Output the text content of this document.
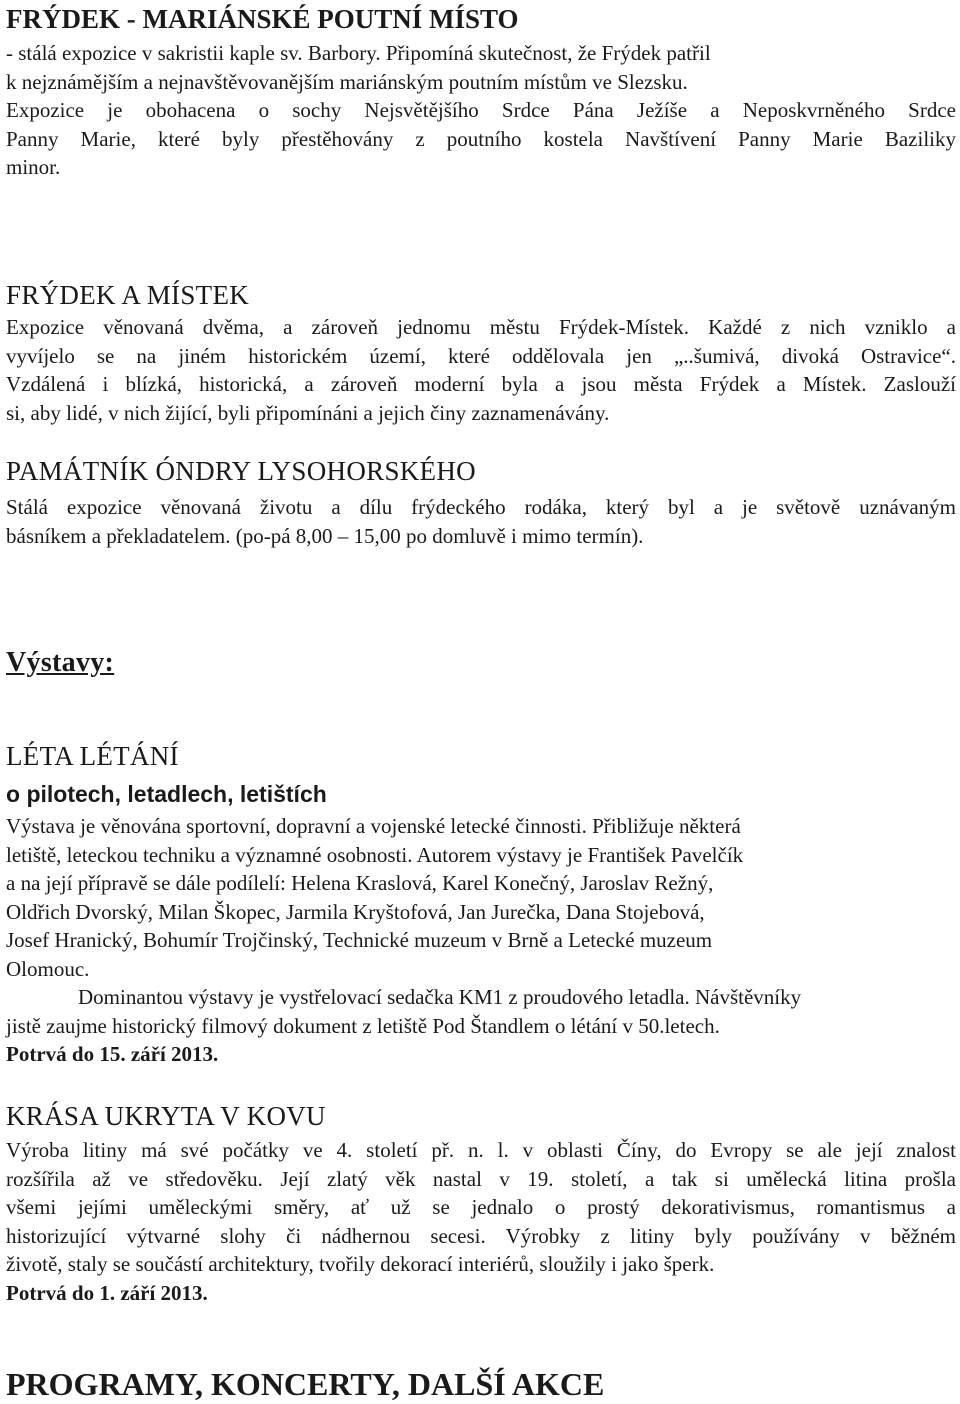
FRÝDEK - MARIÁNSKÉ POUTNÍ MÍSTO
- stálá expozice v sakristii kaple sv. Barbory. Připomíná skutečnost, že Frýdek patřil
k nejznámějším a nejnavštěvovanějším mariánským poutním místům ve Slezsku.
Expozice je obohacena o sochy Nejsvětějšího Srdce Pána Ježíše a Neposkvrněného Srdce
Panny Marie, které byly přestěhovány z poutního kostela Navštívení Panny Marie Baziliky
minor.
FRÝDEK A MÍSTEK
Expozice věnovaná dvěma, a zároveň jednomu městu Frýdek-Místek. Každé z nich vzniklo a
vyvíjelo se na jiném historickém území, které oddělovala jen „..šumivá, divoká Ostravice“.
Vzdálená i blízká, historická, a zároveň moderní byla a jsou města Frýdek a Místek. Zaslouží
si, aby lidé, v nich žijící, byli připomínáni a jejich činy zaznamenávány.
PAMÁTNÍK ÓNDRY LYSOHORSKÉHO
Stálá expozice věnovaná životu a dílu frýdeckého rodáka, který byl a je světově uznávaným
básníkem a překladatelem. (po-pá 8,00 – 15,00 po domluvě i mimo termín).
Výstavy:
LÉTA LÉTÁNÍ
o pilotech, letadlech, letištích
Výstava je věnována sportovní, dopravní a vojenské letecké činnosti. Přibližuje některá
letiště, leteckou techniku a významné osobnosti. Autorem výstavy je František Pavelčík
a na její přípravě se dále podílelí: Helena Kraslová, Karel Konečný, Jaroslav Režný,
Oldřich Dvorský, Milan Škopec, Jarmila Kryštofová, Jan Jurečka, Dana Stojebová,
Josef Hranický, Bohumír Trojčinský, Technické muzeum v Brně a Letecké muzeum
Olomouc.
Dominantou výstavy je vystřelovací sedačka KM1 z proudového letadla. Návštěvníky
jistě zaujme historický filmový dokument z letiště Pod Štandlem o létání v 50.letech.
Potrvá do 15. září 2013.
KRÁSA UKRYTA V KOVU
Výroba litiny má své počátky ve 4. století př. n. l. v oblasti Číny, do Evropy se ale její znalost
rozšířila až ve středověku. Její zlatý věk nastal v 19. století, a tak si umělecká litina prošla
všemi jejími uměleckými směry, ať už se jednalo o prostý dekorativismus, romantismus a
historizující výtvarné slohy či nádhernou secesi. Výrobky z litiny byly používány v běžném
životě, staly se součástí architektury, tvořily dekorací interiérů, sloužily i jako šperk.
Potrvá do 1. září 2013.
PROGRAMY, KONCERTY, DALŠÍ AKCE
